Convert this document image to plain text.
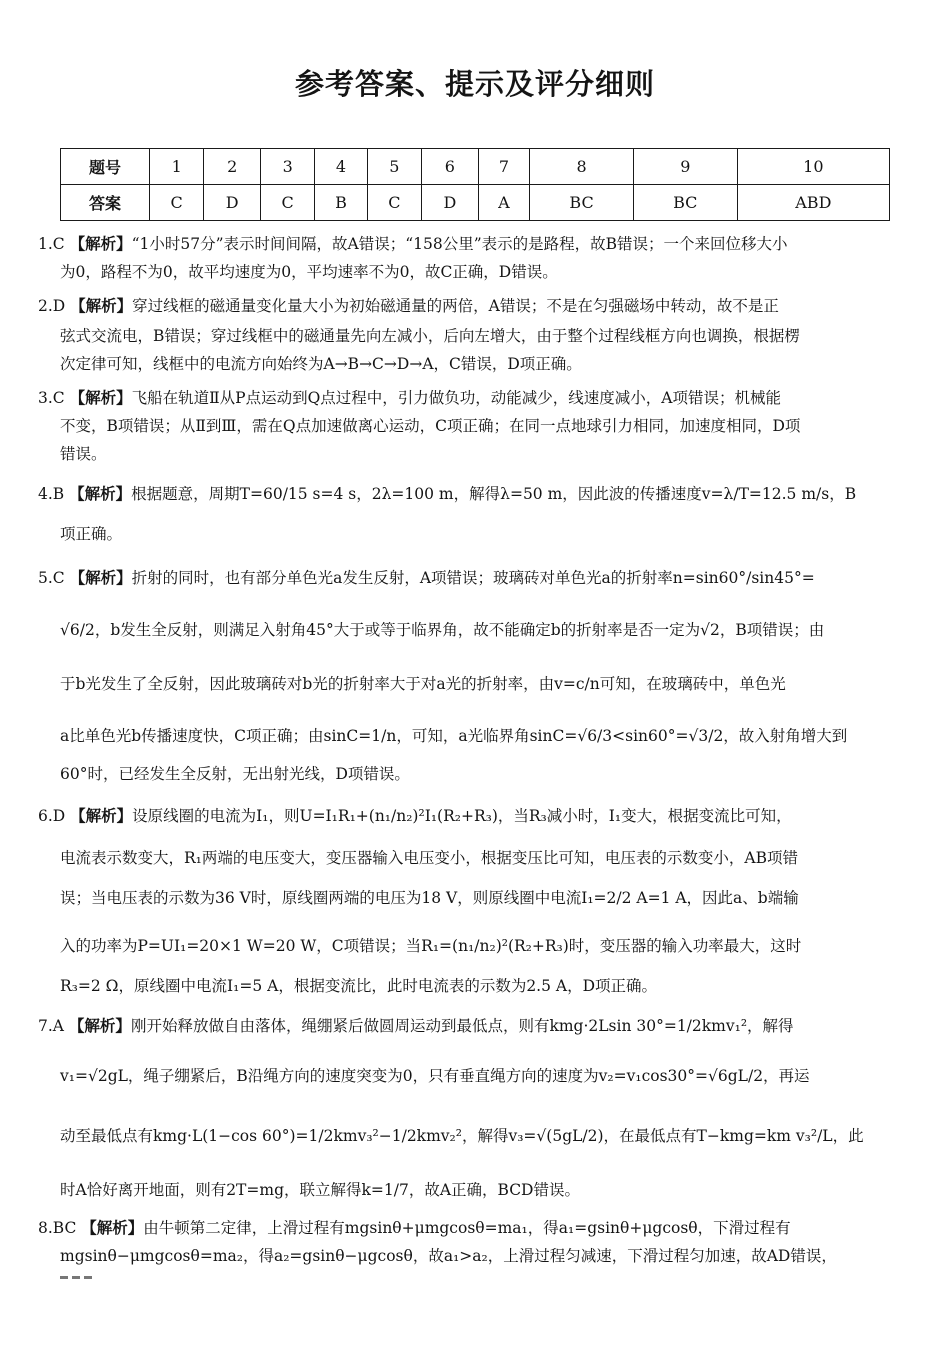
参考答案、提示及评分细则
题号	1	2	3	4	5	6	7	8	9	10
答案	C	D	C	B	C	D	A	BC	BC	ABD
1.C 【解析】“1小时57分”表示时间间隔，故A错误；“158公里”表示的是路程，故B错误；一个来回位移大小
为0，路程不为0，故平均速度为0，平均速率不为0，故C正确，D错误。
2.D 【解析】穿过线框的磁通量变化量大小为初始磁通量的两倍，A错误；不是在匀强磁场中转动，故不是正
弦式交流电，B错误；穿过线框中的磁通量先向左减小，后向左增大，由于整个过程线框方向也调换，根据楞
次定律可知，线框中的电流方向始终为A→B→C→D→A，C错误，D项正确。
3.C 【解析】飞船在轨道Ⅱ从P点运动到Q点过程中，引力做负功，动能减少，线速度减小，A项错误；机械能
不变，B项错误；从Ⅱ到Ⅲ，需在Q点加速做离心运动，C项正确；在同一点地球引力相同，加速度相同，D项
错误。
4.B 【解析】根据题意，周期T=60/15 s=4 s，2λ=100 m，解得λ=50 m，因此波的传播速度v=λ/T=12.5 m/s，B
项正确。
5.C 【解析】折射的同时，也有部分单色光a发生反射，A项错误；玻璃砖对单色光a的折射率n=sin60°/sin45°=
√6/2，b发生全反射，则满足入射角45°大于或等于临界角，故不能确定b的折射率是否一定为√2，B项错误；由
于b光发生了全反射，因此玻璃砖对b光的折射率大于对a光的折射率，由v=c/n可知，在玻璃砖中，单色光
a比单色光b传播速度快，C项正确；由sinC=1/n，可知，a光临界角sinC=√6/3<sin60°=√3/2，故入射角增大到
60°时，已经发生全反射，无出射光线，D项错误。
6.D 【解析】设原线圈的电流为I₁，则U=I₁R₁+(n₁/n₂)²I₁(R₂+R₃)，当R₃减小时，I₁变大，根据变流比可知，
电流表示数变大，R₁两端的电压变大，变压器输入电压变小，根据变压比可知，电压表的示数变小，AB项错
误；当电压表的示数为36 V时，原线圈两端的电压为18 V，则原线圈中电流I₁=2/2 A=1 A，因此a、b端输
入的功率为P=UI₁=20×1 W=20 W，C项错误；当R₁=(n₁/n₂)²(R₂+R₃)时，变压器的输入功率最大，这时
R₃=2 Ω，原线圈中电流I₁=5 A，根据变流比，此时电流表的示数为2.5 A，D项正确。
7.A 【解析】刚开始释放做自由落体，绳绷紧后做圆周运动到最低点，则有kmg·2Lsin 30°=1/2kmv₁²，解得
v₁=√2gL，绳子绷紧后，B沿绳方向的速度突变为0，只有垂直绳方向的速度为v₂=v₁cos30°=√6gL/2，再运
动至最低点有kmg·L(1−cos 60°)=1/2kmv₃²−1/2kmv₂²，解得v₃=√(5gL/2)，在最低点有T−kmg=km v₃²/L，此
时A恰好离开地面，则有2T=mg，联立解得k=1/7，故A正确，BCD错误。
8.BC 【解析】由牛顿第二定律，上滑过程有mgsinθ+μmgcosθ=ma₁，得a₁=gsinθ+μgcosθ，下滑过程有
mgsinθ−μmgcosθ=ma₂，得a₂=gsinθ−μgcosθ，故a₁>a₂，上滑过程匀减速，下滑过程匀加速，故AD错误，
